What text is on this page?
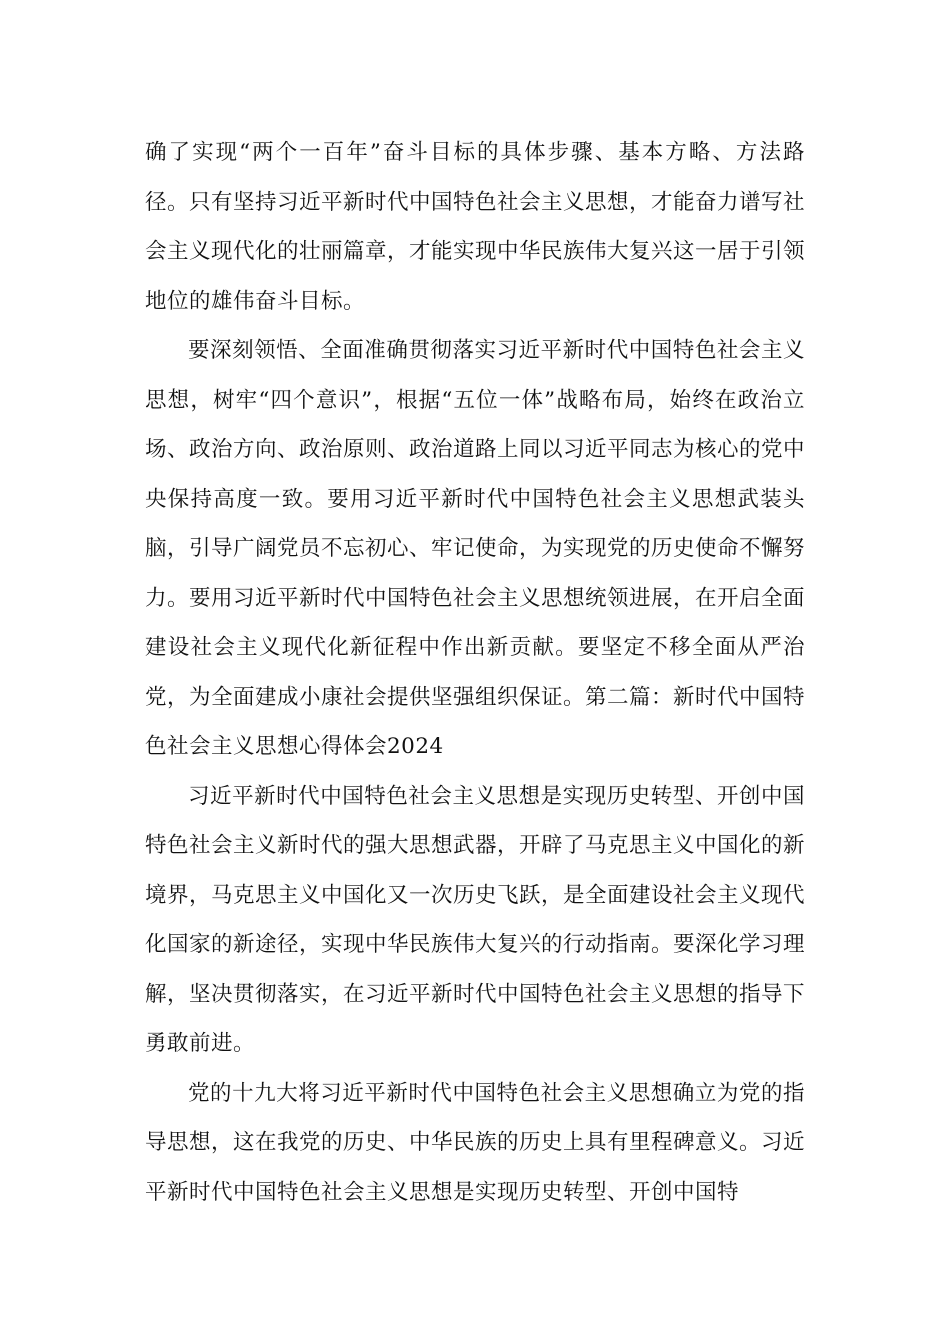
确了实现“两个一百年”奋斗目标的具体步骤、基本方略、方法路径。只有坚持习近平新时代中国特色社会主义思想，才能奋力谱写社会主义现代化的壮丽篇章，才能实现中华民族伟大复兴这一居于引领地位的雄伟奋斗目标。

要深刻领悟、全面准确贯彻落实习近平新时代中国特色社会主义思想，树牢“四个意识”，根据“五位一体”战略布局，始终在政治立场、政治方向、政治原则、政治道路上同以习近平同志为核心的党中央保持高度一致。要用习近平新时代中国特色社会主义思想武装头脑，引导广阔党员不忘初心、牢记使命，为实现党的历史使命不懈努力。要用习近平新时代中国特色社会主义思想统领进展，在开启全面建设社会主义现代化新征程中作出新贡献。要坚定不移全面从严治党，为全面建成小康社会提供坚强组织保证。第二篇：新时代中国特色社会主义思想心得体会2024

习近平新时代中国特色社会主义思想是实现历史转型、开创中国特色社会主义新时代的强大思想武器，开辟了马克思主义中国化的新境界，马克思主义中国化又一次历史飞跃，是全面建设社会主义现代化国家的新途径，实现中华民族伟大复兴的行动指南。要深化学习理解，坚决贯彻落实，在习近平新时代中国特色社会主义思想的指导下勇敢前进。

党的十九大将习近平新时代中国特色社会主义思想确立为党的指导思想，这在我党的历史、中华民族的历史上具有里程碑意义。习近平新时代中国特色社会主义思想是实现历史转型、开创中国特
